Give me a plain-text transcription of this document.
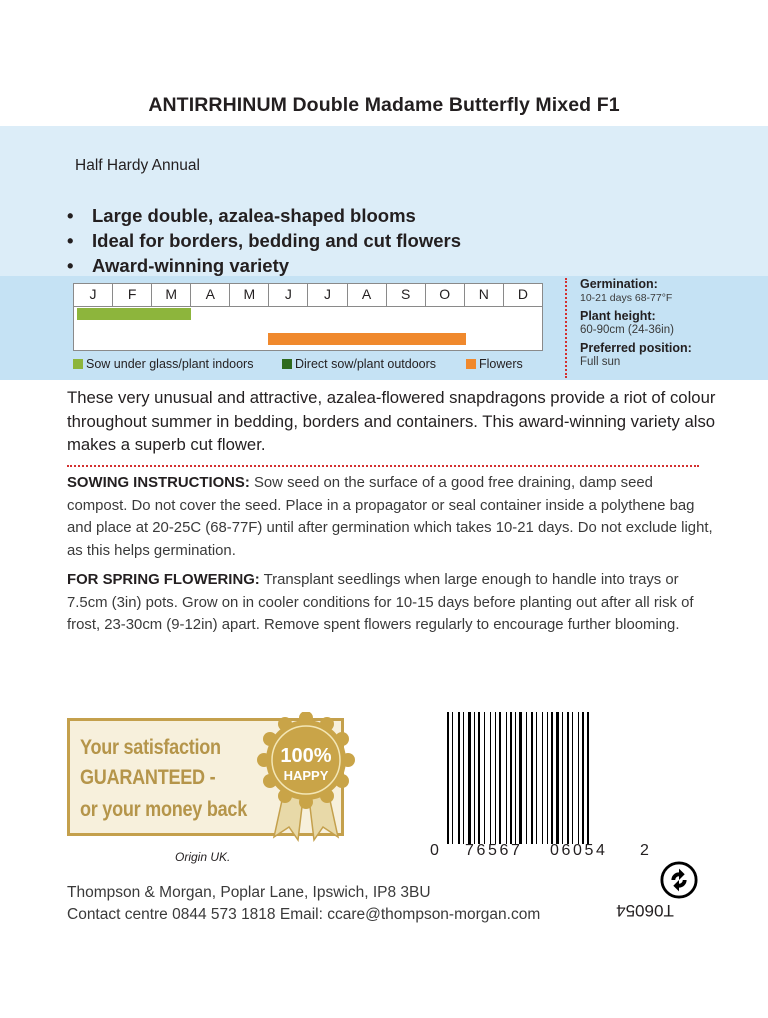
ANTIRRHINUM Double Madame Butterfly Mixed F1
Half Hardy Annual
• Large double, azalea-shaped blooms
• Ideal for borders, bedding and cut flowers
• Award-winning variety
J	F	M	A	M	J	J	A	S	O	N	D
Sow under glass/plant indoors	Direct sow/plant outdoors	Flowers
Germination:
10-21 days 68-77°F
Plant height:
60-90cm (24-36in)
Preferred position:
Full sun
These very unusual and attractive, azalea-flowered snapdragons provide a riot of colour throughout summer in bedding, borders and containers. This award-winning variety also makes a superb cut flower.
SOWING INSTRUCTIONS: Sow seed on the surface of a good free draining, damp seed compost. Do not cover the seed. Place in a propagator or seal container inside a polythene bag and place at 20-25C (68-77F) until after germination which takes 10-21 days. Do not exclude light, as this helps germination.
FOR SPRING FLOWERING: Transplant seedlings when large enough to handle into trays or 7.5cm (3in) pots. Grow on in cooler conditions for 10-15 days before planting out after all risk of frost, 23-30cm (9-12in) apart. Remove spent flowers regularly to encourage further blooming.
Your satisfaction
GUARANTEED -
or your money back
100%
HAPPY
Origin UK.	0 76567 06054 2
T06054
Thompson & Morgan, Poplar Lane, Ipswich, IP8 3BU
Contact centre 0844 573 1818 Email: ccare@thompson-morgan.com
